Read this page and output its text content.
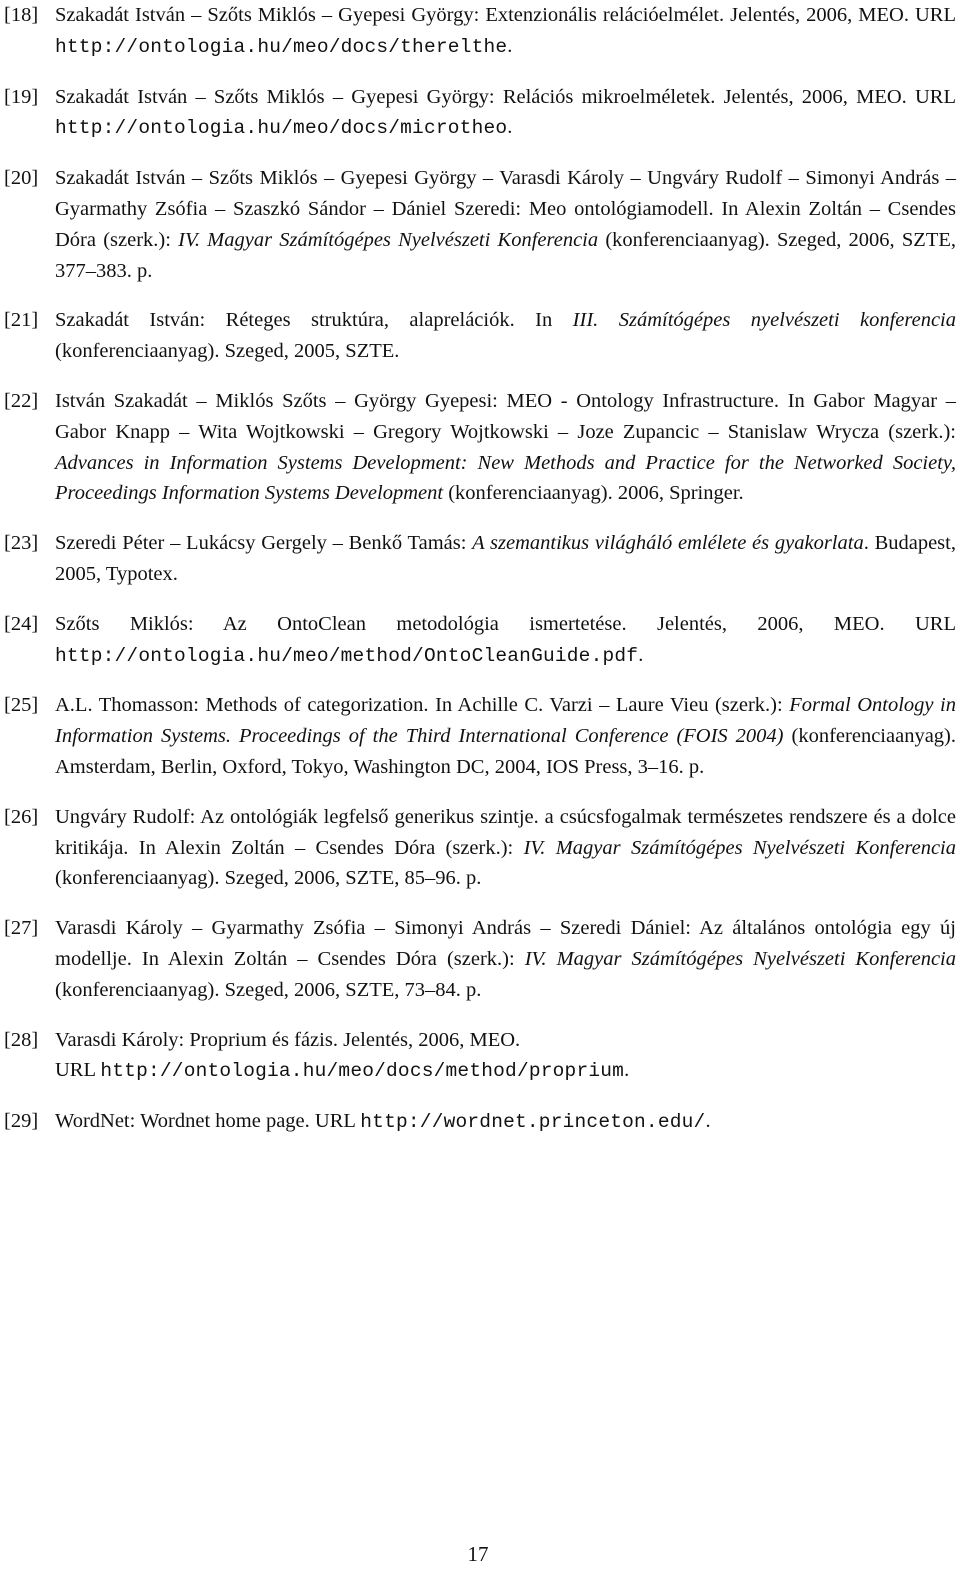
[18] Szakadát István – Szőts Miklós – Gyepesi György: Extenzionális relációelmélet. Jelentés, 2006, MEO. URL http://ontologia.hu/meo/docs/therelthe.
[19] Szakadát István – Szőts Miklós – Gyepesi György: Relációs mikroelméletek. Jelentés, 2006, MEO. URL http://ontologia.hu/meo/docs/microtheo.
[20] Szakadát István – Szőts Miklós – Gyepesi György – Varasdi Károly – Ungváry Rudolf – Simonyi András – Gyarmathy Zsófia – Szaszkó Sándor – Dániel Szeredi: Meo ontológiamodell. In Alexin Zoltán – Csendes Dóra (szerk.): IV. Magyar Számítógépes Nyelvészeti Konferencia (konferenciaanyag). Szeged, 2006, SZTE, 377–383. p.
[21] Szakadát István: Réteges struktúra, alaprelációk. In III. Számítógépes nyelvészeti konferencia (konferenciaanyag). Szeged, 2005, SZTE.
[22] István Szakadát – Miklós Szőts – György Gyepesi: MEO - Ontology Infrastructure. In Gabor Magyar – Gabor Knapp – Wita Wojtkowski – Gregory Wojtkowski – Joze Zupancic – Stanislaw Wrycza (szerk.): Advances in Information Systems Development: New Methods and Practice for the Networked Society, Proceedings Information Systems Development (konferenciaanyag). 2006, Springer.
[23] Szeredi Péter – Lukácsy Gergely – Benkő Tamás: A szemantikus világháló emlélete és gyakorlata. Budapest, 2005, Typotex.
[24] Szőts Miklós: Az OntoClean metodológia ismertetése. Jelentés, 2006, MEO. URL http://ontologia.hu/meo/method/OntoCleanGuide.pdf.
[25] A.L. Thomasson: Methods of categorization. In Achille C. Varzi – Laure Vieu (szerk.): Formal Ontology in Information Systems. Proceedings of the Third International Conference (FOIS 2004) (konferenciaanyag). Amsterdam, Berlin, Oxford, Tokyo, Washington DC, 2004, IOS Press, 3–16. p.
[26] Ungváry Rudolf: Az ontológiák legfelső generikus szintje. a csúcsfogalmak természetes rendszere és a dolce kritikája. In Alexin Zoltán – Csendes Dóra (szerk.): IV. Magyar Számítógépes Nyelvészeti Konferencia (konferenciaanyag). Szeged, 2006, SZTE, 85–96. p.
[27] Varasdi Károly – Gyarmathy Zsófia – Simonyi András – Szeredi Dániel: Az általános ontológia egy új modellje. In Alexin Zoltán – Csendes Dóra (szerk.): IV. Magyar Számítógépes Nyelvészeti Konferencia (konferenciaanyag). Szeged, 2006, SZTE, 73–84. p.
[28] Varasdi Károly: Proprium és fázis. Jelentés, 2006, MEO.
URL http://ontologia.hu/meo/docs/method/proprium.
[29] WordNet: Wordnet home page. URL http://wordnet.princeton.edu/.
17
